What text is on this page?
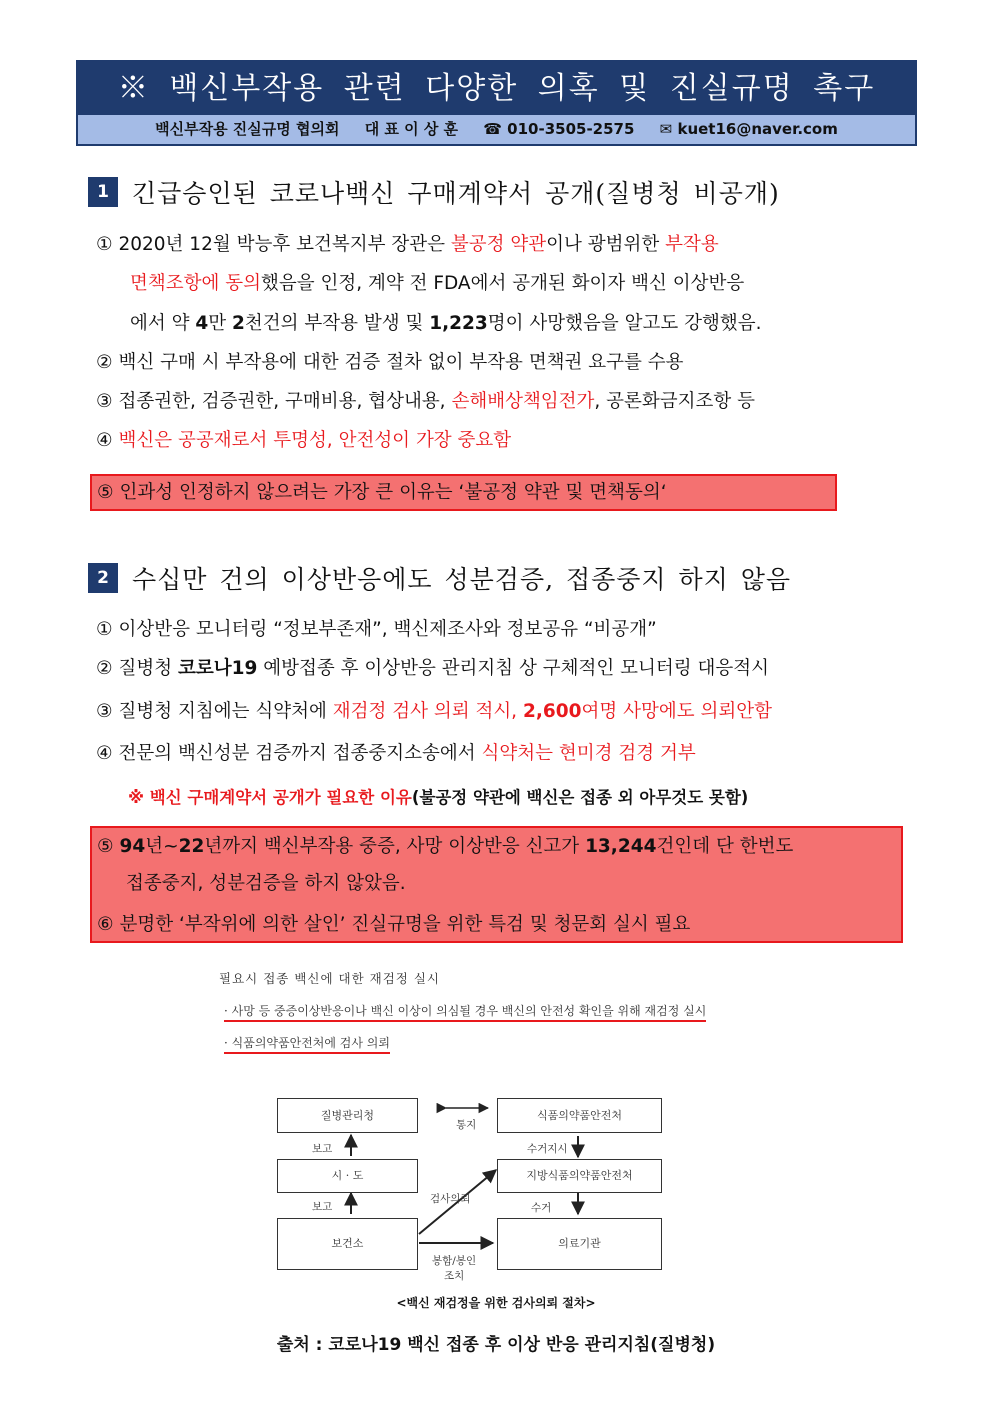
※ 백신부작용 관련 다양한 의혹 및 진실규명 촉구
백신부작용 진실규명 협의회 대 표 이 상 훈 ☎ 010-3505-2575 ✉ kuet16@naver.com
1 긴급승인된 코로나백신 구매계약서 공개(질병청 비공개)
① 2020년 12월 박능후 보건복지부 장관은 불공정 약관이나 광범위한 부작용
면책조항에 동의했음을 인정, 계약 전 FDA에서 공개된 화이자 백신 이상반응
에서 약 4만 2천건의 부작용 발생 및 1,223명이 사망했음을 알고도 강행했음.
② 백신 구매 시 부작용에 대한 검증 절차 없이 부작용 면책권 요구를 수용
③ 접종권한, 검증권한, 구매비용, 협상내용, 손해배상책임전가, 공론화금지조항 등
④ 백신은 공공재로서 투명성, 안전성이 가장 중요함
⑤ 인과성 인정하지 않으려는 가장 큰 이유는 ‘불공정 약관 및 면책동의‘
2 수십만 건의 이상반응에도 성분검증, 접종중지 하지 않음
① 이상반응 모니터링 “정보부존재”, 백신제조사와 정보공유 “비공개”
② 질병청 코로나19 예방접종 후 이상반응 관리지침 상 구체적인 모니터링 대응적시
③ 질병청 지침에는 식약처에 재검정 검사 의뢰 적시, 2,600여명 사망에도 의뢰안함
④ 전문의 백신성분 검증까지 접종중지소송에서 식약처는 현미경 검경 거부
※ 백신 구매계약서 공개가 필요한 이유(불공정 약관에 백신은 접종 외 아무것도 못함)
⑤ 94년~22년까지 백신부작용 중증, 사망 이상반응 신고가 13,244건인데 단 한번도
접종중지, 성분검증을 하지 않았음.
⑥ 분명한 ‘부작위에 의한 살인’ 진실규명을 위한 특검 및 청문회 실시 필요
필요시 접종 백신에 대한 재검정 실시
· 사망 등 중증이상반응이나 백신 이상이 의심될 경우 백신의 안전성 확인을 위해 재검정 실시
· 식품의약품안전처에 검사 의뢰
질병관리청
시 · 도
보건소
식품의약품안전처
지방식품의약품안전처
의료기관
통지
보고
보고
수거지시
수거
검사의뢰
봉함/봉인
조치
<백신 재검정을 위한 검사의뢰 절차>
출처 : 코로나19 백신 접종 후 이상 반응 관리지침(질병청)
